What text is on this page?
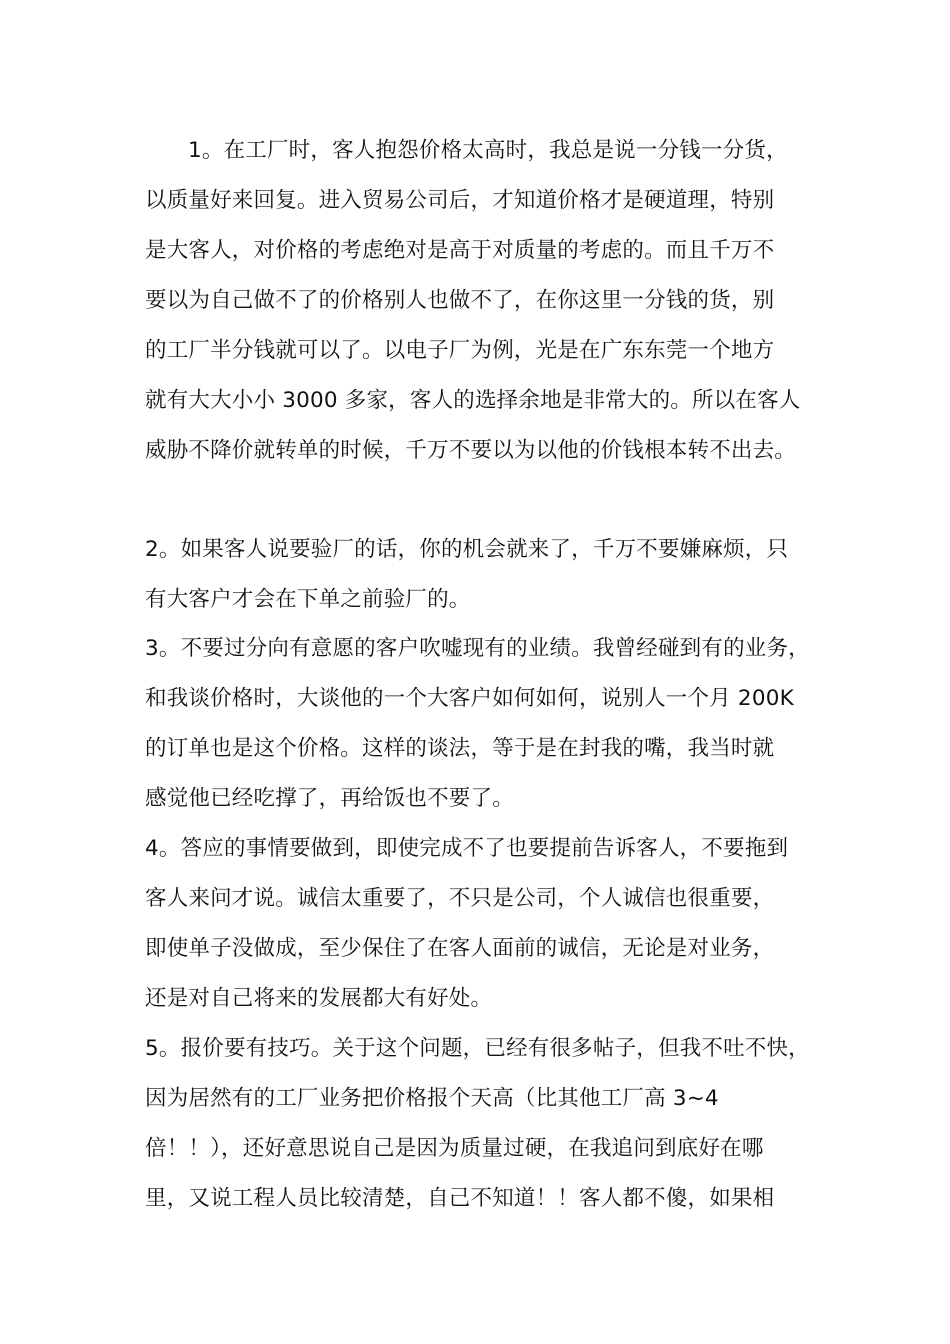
1。在工厂时，客人抱怨价格太高时，我总是说一分钱一分货，
以质量好来回复。进入贸易公司后，才知道价格才是硬道理，特别
是大客人，对价格的考虑绝对是高于对质量的考虑的。而且千万不
要以为自己做不了的价格别人也做不了，在你这里一分钱的货，别
的工厂半分钱就可以了。以电子厂为例，光是在广东东莞一个地方
就有大大小小 3000 多家，客人的选择余地是非常大的。所以在客人
威胁不降价就转单的时候，千万不要以为以他的价钱根本转不出去。
2。如果客人说要验厂的话，你的机会就来了，千万不要嫌麻烦，只
有大客户才会在下单之前验厂的。
3。不要过分向有意愿的客户吹嘘现有的业绩。我曾经碰到有的业务，
和我谈价格时，大谈他的一个大客户如何如何，说别人一个月 200K
的订单也是这个价格。这样的谈法，等于是在封我的嘴，我当时就
感觉他已经吃撑了，再给饭也不要了。
4。答应的事情要做到，即使完成不了也要提前告诉客人，不要拖到
客人来问才说。诚信太重要了，不只是公司，个人诚信也很重要，
即使单子没做成，至少保住了在客人面前的诚信，无论是对业务，
还是对自己将来的发展都大有好处。
5。报价要有技巧。关于这个问题，已经有很多帖子，但我不吐不快，
因为居然有的工厂业务把价格报个天高（比其他工厂高 3~4
倍！！），还好意思说自己是因为质量过硬，在我追问到底好在哪
里，又说工程人员比较清楚，自己不知道！！客人都不傻，如果相
